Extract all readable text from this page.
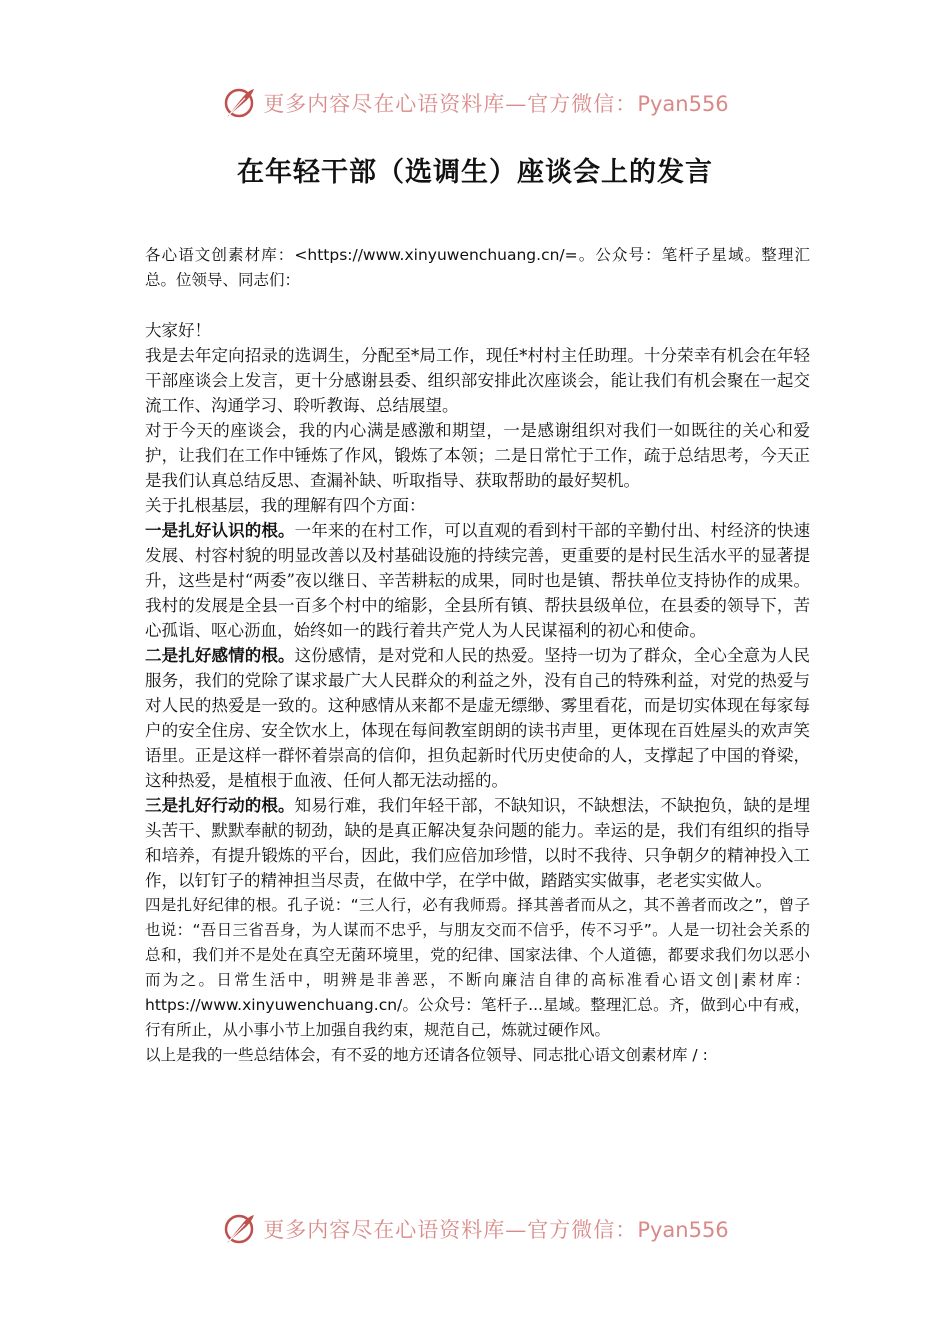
更多内容尽在心语资料库—官方微信：Pyan556
在年轻干部（选调生）座谈会上的发言

各心语文创素材库：<https://www.xinyuwenchuang.cn/=。公众号：笔杆子星域。整理汇总。位领导、同志们：

大家好！

我是去年定向招录的选调生，分配至*局工作，现任*村村主任助理。十分荣幸有机会在年轻干部座谈会上发言，更十分感谢县委、组织部安排此次座谈会，能让我们有机会聚在一起交流工作、沟通学习、聆听教诲、总结展望。

对于今天的座谈会，我的内心满是感激和期望，一是感谢组织对我们一如既往的关心和爱护，让我们在工作中锤炼了作风，锻炼了本领；二是日常忙于工作，疏于总结思考，今天正是我们认真总结反思、查漏补缺、听取指导、获取帮助的最好契机。

关于扎根基层，我的理解有四个方面：

一是扎好认识的根。一年来的在村工作，可以直观的看到村干部的辛勤付出、村经济的快速发展、村容村貌的明显改善以及村基础设施的持续完善，更重要的是村民生活水平的显著提升，这些是村“两委”夜以继日、辛苦耕耘的成果，同时也是镇、帮扶单位支持协作的成果。我村的发展是全县一百多个村中的缩影，全县所有镇、帮扶县级单位，在县委的领导下，苦心孤诣、呕心沥血，始终如一的践行着共产党人为人民谋福利的初心和使命。

二是扎好感情的根。这份感情，是对党和人民的热爱。坚持一切为了群众，全心全意为人民服务，我们的党除了谋求最广大人民群众的利益之外，没有自己的特殊利益，对党的热爱与对人民的热爱是一致的。这种感情从来都不是虚无缥缈、雾里看花，而是切实体现在每家每户的安全住房、安全饮水上，体现在每间教室朗朗的读书声里，更体现在百姓屋头的欢声笑语里。正是这样一群怀着崇高的信仰，担负起新时代历史使命的人，支撑起了中国的脊梁，这种热爱，是植根于血液、任何人都无法动摇的。

三是扎好行动的根。知易行难，我们年轻干部，不缺知识，不缺想法，不缺抱负，缺的是埋头苦干、默默奉献的韧劲，缺的是真正解决复杂问题的能力。幸运的是，我们有组织的指导和培养，有提升锻炼的平台，因此，我们应倍加珍惜，以时不我待、只争朝夕的精神投入工作，以钉钉子的精神担当尽责，在做中学，在学中做，踏踏实实做事，老老实实做人。

四是扎好纪律的根。孔子说：“三人行，必有我师焉。择其善者而从之，其不善者而改之”，曾子也说：“吾日三省吾身，为人谋而不忠乎，与朋友交而不信乎，传不习乎”。人是一切社会关系的总和，我们并不是处在真空无菌环境里，党的纪律、国家法律、个人道德，都要求我们勿以恶小而为之。日常生活中，明辨是非善恶，不断向廉洁自律的高标准看心语文创|素材库：https://www.xinyuwenchuang.cn/。公众号：笔杆子...星域。整理汇总。齐，做到心中有戒，行有所止，从小事小节上加强自我约束，规范自己，炼就过硬作风。

以上是我的一些总结体会，有不妥的地方还请各位领导、同志批心语文创素材库 / :

更多内容尽在心语资料库—官方微信：Pyan556
